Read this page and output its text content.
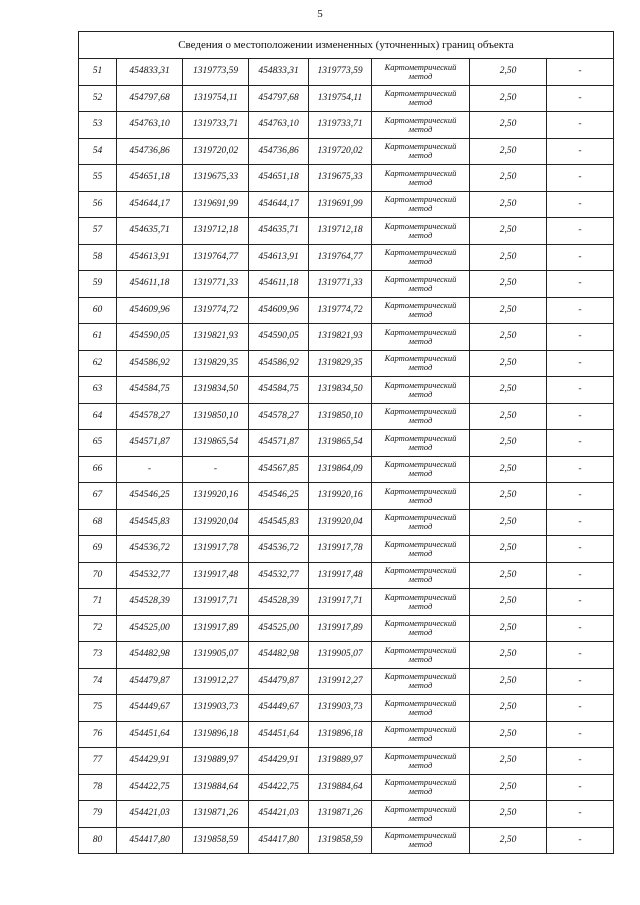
5
Сведения о местоположении измененных (уточненных) границ объекта							
51	454833,31	1319773,59	454833,31	1319773,59	Картометрический метод	2,50	-
52	454797,68	1319754,11	454797,68	1319754,11	Картометрический метод	2,50	-
53	454763,10	1319733,71	454763,10	1319733,71	Картометрический метод	2,50	-
54	454736,86	1319720,02	454736,86	1319720,02	Картометрический метод	2,50	-
55	454651,18	1319675,33	454651,18	1319675,33	Картометрический метод	2,50	-
56	454644,17	1319691,99	454644,17	1319691,99	Картометрический метод	2,50	-
57	454635,71	1319712,18	454635,71	1319712,18	Картометрический метод	2,50	-
58	454613,91	1319764,77	454613,91	1319764,77	Картометрический метод	2,50	-
59	454611,18	1319771,33	454611,18	1319771,33	Картометрический метод	2,50	-
60	454609,96	1319774,72	454609,96	1319774,72	Картометрический метод	2,50	-
61	454590,05	1319821,93	454590,05	1319821,93	Картометрический метод	2,50	-
62	454586,92	1319829,35	454586,92	1319829,35	Картометрический метод	2,50	-
63	454584,75	1319834,50	454584,75	1319834,50	Картометрический метод	2,50	-
64	454578,27	1319850,10	454578,27	1319850,10	Картометрический метод	2,50	-
65	454571,87	1319865,54	454571,87	1319865,54	Картометрический метод	2,50	-
66	-	-	454567,85	1319864,09	Картометрический метод	2,50	-
67	454546,25	1319920,16	454546,25	1319920,16	Картометрический метод	2,50	-
68	454545,83	1319920,04	454545,83	1319920,04	Картометрический метод	2,50	-
69	454536,72	1319917,78	454536,72	1319917,78	Картометрический метод	2,50	-
70	454532,77	1319917,48	454532,77	1319917,48	Картометрический метод	2,50	-
71	454528,39	1319917,71	454528,39	1319917,71	Картометрический метод	2,50	-
72	454525,00	1319917,89	454525,00	1319917,89	Картометрический метод	2,50	-
73	454482,98	1319905,07	454482,98	1319905,07	Картометрический метод	2,50	-
74	454479,87	1319912,27	454479,87	1319912,27	Картометрический метод	2,50	-
75	454449,67	1319903,73	454449,67	1319903,73	Картометрический метод	2,50	-
76	454451,64	1319896,18	454451,64	1319896,18	Картометрический метод	2,50	-
77	454429,91	1319889,97	454429,91	1319889,97	Картометрический метод	2,50	-
78	454422,75	1319884,64	454422,75	1319884,64	Картометрический метод	2,50	-
79	454421,03	1319871,26	454421,03	1319871,26	Картометрический метод	2,50	-
80	454417,80	1319858,59	454417,80	1319858,59	Картометрический метод	2,50	-
